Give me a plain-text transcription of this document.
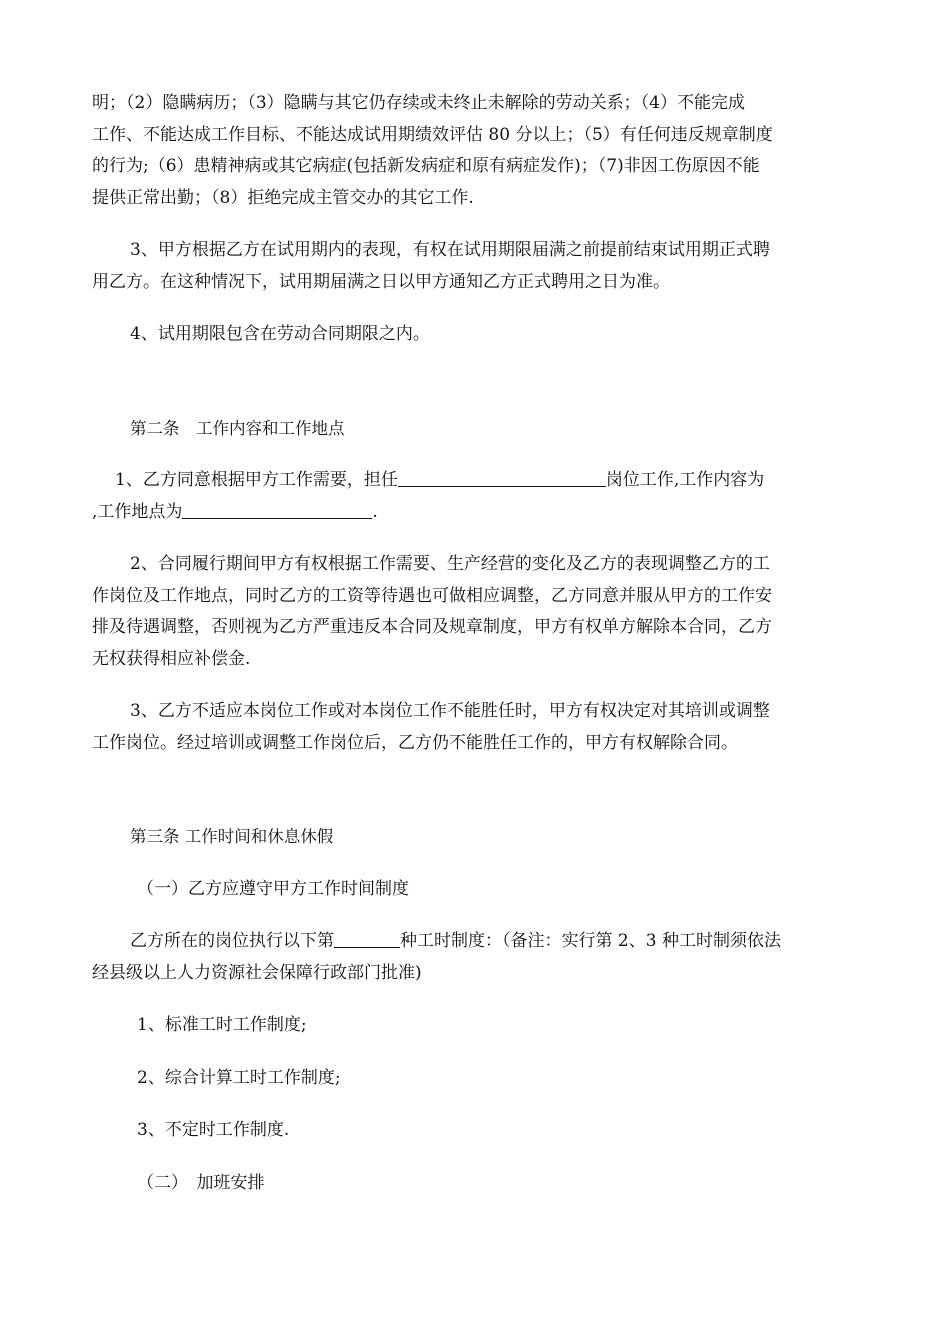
明；（2）隐瞒病历；（3）隐瞒与其它仍存续或未终止未解除的劳动关系；（4）不能完成

工作、不能达成工作目标、不能达成试用期绩效评估 80 分以上；（5）有任何违反规章制度

的行为;（6）患精神病或其它病症(包括新发病症和原有病症发作)；（7)非因工伤原因不能

提供正常出勤；（8）拒绝完成主管交办的其它工作.

3、甲方根据乙方在试用期内的表现，有权在试用期限届满之前提前结束试用期正式聘

用乙方。在这种情况下，试用期届满之日以甲方通知乙方正式聘用之日为准。

4、试用期限包含在劳动合同期限之内。

第二条　工作内容和工作地点

1、乙方同意根据甲方工作需要，担任	岗位工作,工作内容为

,工作地点为	.

2、合同履行期间甲方有权根据工作需要、生产经营的变化及乙方的表现调整乙方的工

作岗位及工作地点，同时乙方的工资等待遇也可做相应调整，乙方同意并服从甲方的工作安

排及待遇调整，否则视为乙方严重违反本合同及规章制度，甲方有权单方解除本合同，乙方

无权获得相应补偿金.

3、乙方不适应本岗位工作或对本岗位工作不能胜任时，甲方有权决定对其培训或调整

工作岗位。经过培训或调整工作岗位后，乙方仍不能胜任工作的，甲方有权解除合同。

第三条 工作时间和休息休假

（一）乙方应遵守甲方工作时间制度

乙方所在的岗位执行以下第	种工时制度：（备注：实行第 2、3 种工时制须依法

经县级以上人力资源社会保障行政部门批准)

1、标准工时工作制度;

2、综合计算工时工作制度;

3、不定时工作制度.

（二）　加班安排
